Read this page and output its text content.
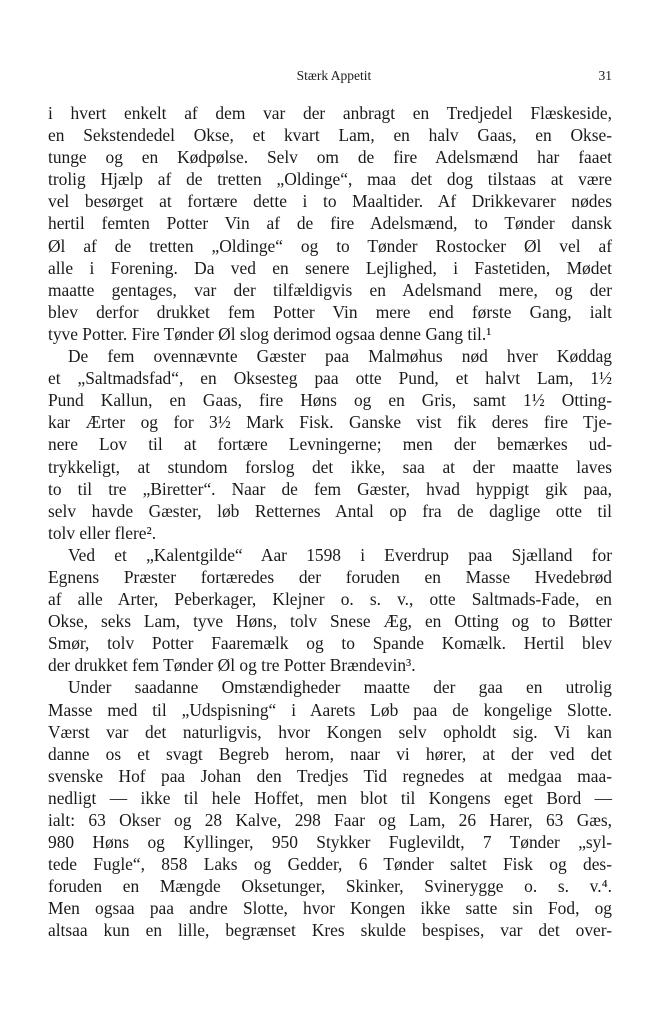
Stærk Appetit	31
i hvert enkelt af dem var der anbragt en Tredjedel Flæskeside,
en Sekstendedel Okse, et kvart Lam, en halv Gaas, en Okse-
tunge og en Kødpølse. Selv om de fire Adelsmænd har faaet
trolig Hjælp af de tretten „Oldinge“, maa det dog tilstaas at være
vel besørget at fortære dette i to Maaltider. Af Drikkevarer nødes
hertil femten Potter Vin af de fire Adelsmænd, to Tønder dansk
Øl af de tretten „Oldinge“ og to Tønder Rostocker Øl vel af
alle i Forening. Da ved en senere Lejlighed, i Fastetiden, Mødet
maatte gentages, var der tilfældigvis en Adelsmand mere, og der
blev derfor drukket fem Potter Vin mere end første Gang, ialt
tyve Potter. Fire Tønder Øl slog derimod ogsaa denne Gang til.¹
De fem ovennævnte Gæster paa Malmøhus nød hver Køddag
et „Saltmadsfad“, en Oksesteg paa otte Pund, et halvt Lam, 1½
Pund Kallun, en Gaas, fire Høns og en Gris, samt 1½ Otting-
kar Ærter og for 3½ Mark Fisk. Ganske vist fik deres fire Tje-
nere Lov til at fortære Levningerne; men der bemærkes ud-
trykkeligt, at stundom forslog det ikke, saa at der maatte laves
to til tre „Biretter“. Naar de fem Gæster, hvad hyppigt gik paa,
selv havde Gæster, løb Retternes Antal op fra de daglige otte til
tolv eller flere².
Ved et „Kalentgilde“ Aar 1598 i Everdrup paa Sjælland for
Egnens Præster fortæredes der foruden en Masse Hvedebrød
af alle Arter, Peberkager, Klejner o. s. v., otte Saltmads-Fade, en
Okse, seks Lam, tyve Høns, tolv Snese Æg, en Otting og to Bøtter
Smør, tolv Potter Faaremælk og to Spande Komælk. Hertil blev
der drukket fem Tønder Øl og tre Potter Brændevin³.
Under saadanne Omstændigheder maatte der gaa en utrolig
Masse med til „Udspisning“ i Aarets Løb paa de kongelige Slotte.
Værst var det naturligvis, hvor Kongen selv opholdt sig. Vi kan
danne os et svagt Begreb herom, naar vi hører, at der ved det
svenske Hof paa Johan den Tredjes Tid regnedes at medgaa maa-
nedligt — ikke til hele Hoffet, men blot til Kongens eget Bord —
ialt: 63 Okser og 28 Kalve, 298 Faar og Lam, 26 Harer, 63 Gæs,
980 Høns og Kyllinger, 950 Stykker Fuglevildt, 7 Tønder „syl-
tede Fugle“, 858 Laks og Gedder, 6 Tønder saltet Fisk og des-
foruden en Mængde Oksetunger, Skinker, Svinerygge o. s. v.⁴.
Men ogsaa paa andre Slotte, hvor Kongen ikke satte sin Fod, og
altsaa kun en lille, begrænset Kres skulde bespises, var det over-
